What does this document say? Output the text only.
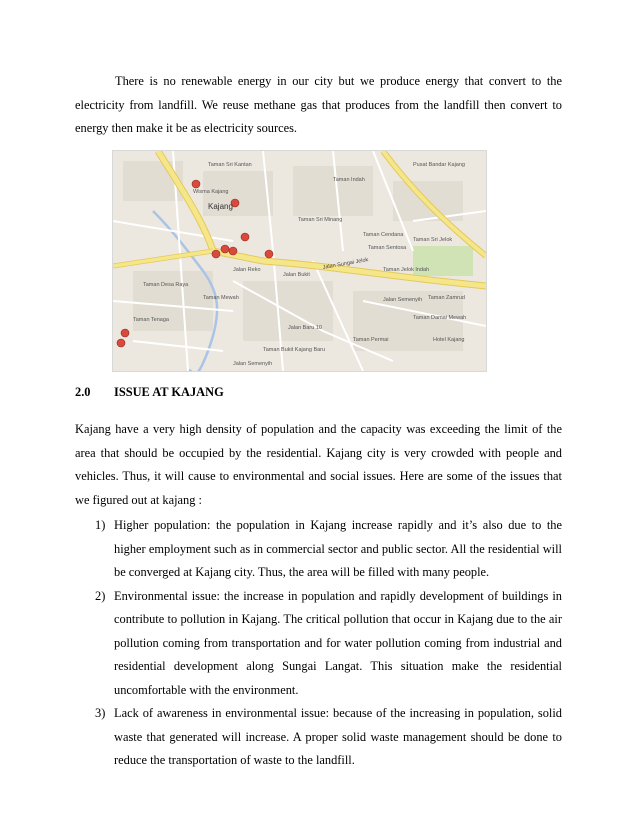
There is no renewable energy in our city but we produce energy that convert to the electricity from landfill. We reuse methane gas that produces from the landfill then convert to energy then make it be as electricity sources.

Kajang
Wisma Kajang
Jalan Reko
Jalan Bukit
Jalan Sungai Jelok
Jalan Semenyih
Taman Sri Minang
Taman Indah
Taman Sri Kantan
Taman Desa Raya
Taman Mewah
Taman Tenaga
Taman Jelok Indah
Taman Zamrud
Taman Damai Mewah
Taman Sentosa
Taman Sri Jelok
Taman Permai
Taman Bukit Kajang Baru
Jalan Baru 10
Taman Cendana
Hotel Kajang
Pusat Bandar Kajang
Jalan Semenyih
2.0	ISSUE AT KAJANG

Kajang have a very high density of population and the capacity was exceeding the limit of the area that should be occupied by the residential. Kajang city is very crowded with people and vehicles. Thus, it will cause to environmental and social issues. Here are some of the issues that we figured out at kajang :

1) Higher population: the population in Kajang increase rapidly and it’s also due to the higher employment such as in commercial sector and public sector. All the residential will be converged at Kajang city. Thus, the area will be filled with many people.
2) Environmental issue: the increase in population and rapidly development of buildings in contribute to pollution in Kajang. The critical pollution that occur in Kajang due to the air pollution coming from transportation and for water pollution coming from industrial and residential development along Sungai Langat. This situation make the residential uncomfortable with the environment.
3) Lack of awareness in environmental issue: because of the increasing in population, solid waste that generated will increase. A proper solid waste management should be done to reduce the transportation of waste to the landfill.
